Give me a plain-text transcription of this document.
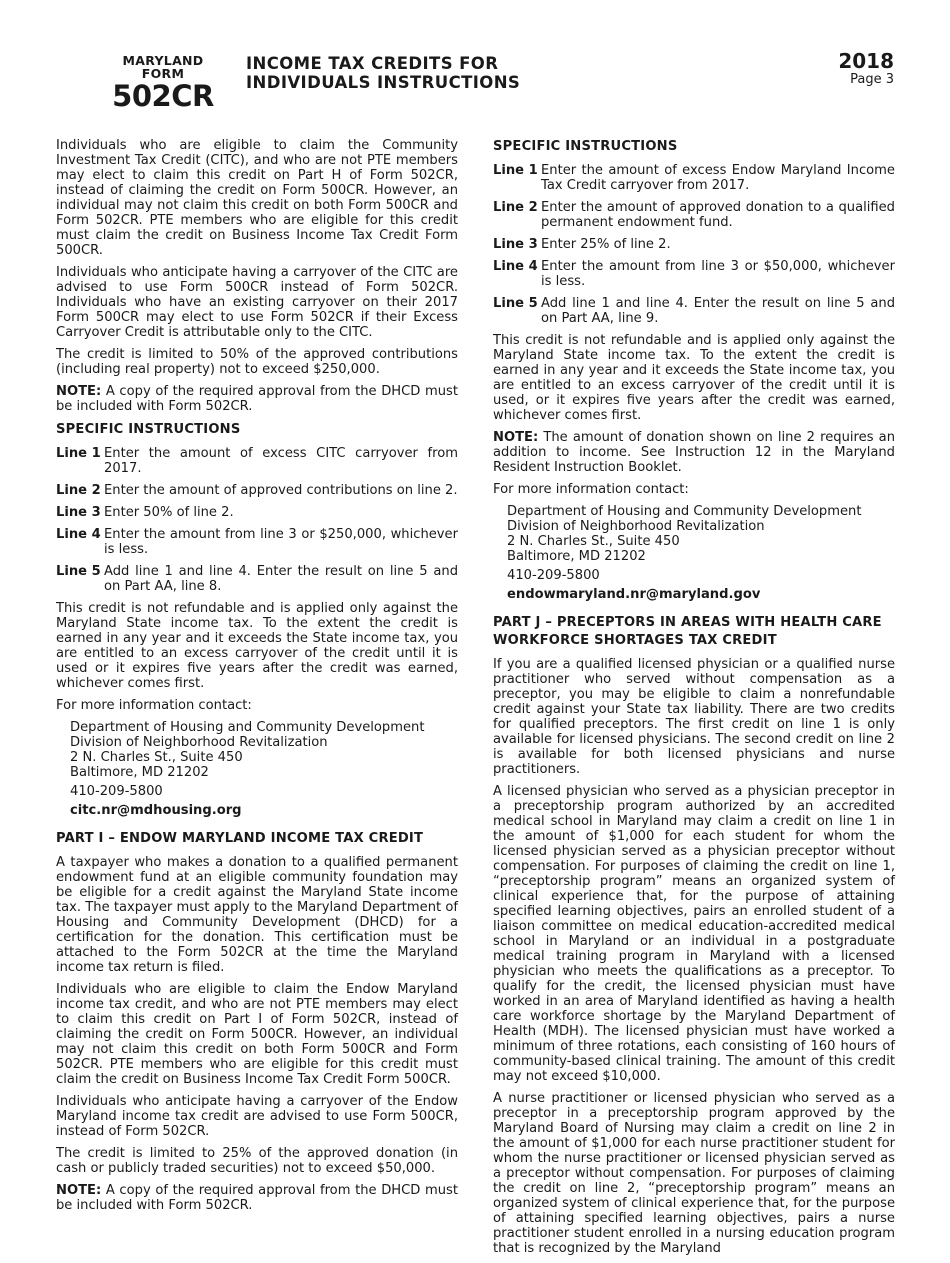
MARYLAND
FORM
502CR
INCOME TAX CREDITS FOR
INDIVIDUALS INSTRUCTIONS
2018
Page 3

Individuals who are eligible to claim the Community Investment Tax Credit (CITC), and who are not PTE members may elect to claim this credit on Part H of Form 502CR, instead of claiming the credit on Form 500CR. However, an individual may not claim this credit on both Form 500CR and Form 502CR. PTE members who are eligible for this credit must claim the credit on Business Income Tax Credit Form 500CR.

Individuals who anticipate having a carryover of the CITC are advised to use Form 500CR instead of Form 502CR. Individuals who have an existing carryover on their 2017 Form 500CR may elect to use Form 502CR if their Excess Carryover Credit is attributable only to the CITC.

The credit is limited to 50% of the approved contributions (including real property) not to exceed $250,000.

NOTE: A copy of the required approval from the DHCD must be included with Form 502CR.

SPECIFIC INSTRUCTIONS
Line 1 Enter the amount of excess CITC carryover from 2017.
Line 2 Enter the amount of approved contributions on line 2.
Line 3 Enter 50% of line 2.
Line 4 Enter the amount from line 3 or $250,000, whichever is less.
Line 5 Add line 1 and line 4. Enter the result on line 5 and on Part AA, line 8.

This credit is not refundable and is applied only against the Maryland State income tax. To the extent the credit is earned in any year and it exceeds the State income tax, you are entitled to an excess carryover of the credit until it is used or it expires five years after the credit was earned, whichever comes first.

For more information contact:

Department of Housing and Community Development
Division of Neighborhood Revitalization
2 N. Charles St., Suite 450
Baltimore, MD 21202
410-209-5800
citc.nr@mdhousing.org
PART I – ENDOW MARYLAND INCOME TAX CREDIT

A taxpayer who makes a donation to a qualified permanent endowment fund at an eligible community foundation may be eligible for a credit against the Maryland State income tax. The taxpayer must apply to the Maryland Department of Housing and Community Development (DHCD) for a certification for the donation. This certification must be attached to the Form 502CR at the time the Maryland income tax return is filed.

Individuals who are eligible to claim the Endow Maryland income tax credit, and who are not PTE members may elect to claim this credit on Part I of Form 502CR, instead of claiming the credit on Form 500CR. However, an individual may not claim this credit on both Form 500CR and Form 502CR. PTE members who are eligible for this credit must claim the credit on Business Income Tax Credit Form 500CR.

Individuals who anticipate having a carryover of the Endow Maryland income tax credit are advised to use Form 500CR, instead of Form 502CR.

The credit is limited to 25% of the approved donation (in cash or publicly traded securities) not to exceed $50,000.

NOTE: A copy of the required approval from the DHCD must be included with Form 502CR.

SPECIFIC INSTRUCTIONS
Line 1 Enter the amount of excess Endow Maryland Income Tax Credit carryover from 2017.
Line 2 Enter the amount of approved donation to a qualified permanent endowment fund.
Line 3 Enter 25% of line 2.
Line 4 Enter the amount from line 3 or $50,000, whichever is less.
Line 5 Add line 1 and line 4. Enter the result on line 5 and on Part AA, line 9.

This credit is not refundable and is applied only against the Maryland State income tax. To the extent the credit is earned in any year and it exceeds the State income tax, you are entitled to an excess carryover of the credit until it is used, or it expires five years after the credit was earned, whichever comes first.

NOTE: The amount of donation shown on line 2 requires an addition to income. See Instruction 12 in the Maryland Resident Instruction Booklet.

For more information contact:

Department of Housing and Community Development
Division of Neighborhood Revitalization
2 N. Charles St., Suite 450
Baltimore, MD 21202
410-209-5800
endowmaryland.nr@maryland.gov
PART J – PRECEPTORS IN AREAS WITH HEALTH CARE
WORKFORCE SHORTAGES TAX CREDIT

If you are a qualified licensed physician or a qualified nurse practitioner who served without compensation as a preceptor, you may be eligible to claim a nonrefundable credit against your State tax liability. There are two credits for qualified preceptors. The first credit on line 1 is only available for licensed physicians. The second credit on line 2 is available for both licensed physicians and nurse practitioners.

A licensed physician who served as a physician preceptor in a preceptorship program authorized by an accredited medical school in Maryland may claim a credit on line 1 in the amount of $1,000 for each student for whom the licensed physician served as a physician preceptor without compensation. For purposes of claiming the credit on line 1, “preceptorship program” means an organized system of clinical experience that, for the purpose of attaining specified learning objectives, pairs an enrolled student of a liaison committee on medical education-accredited medical school in Maryland or an individual in a postgraduate medical training program in Maryland with a licensed physician who meets the qualifications as a preceptor. To qualify for the credit, the licensed physician must have worked in an area of Maryland identified as having a health care workforce shortage by the Maryland Department of Health (MDH). The licensed physician must have worked a minimum of three rotations, each consisting of 160 hours of community-based clinical training. The amount of this credit may not exceed $10,000.

A nurse practitioner or licensed physician who served as a preceptor in a preceptorship program approved by the Maryland Board of Nursing may claim a credit on line 2 in the amount of $1,000 for each nurse practitioner student for whom the nurse practitioner or licensed physician served as a preceptor without compensation. For purposes of claiming the credit on line 2, “preceptorship program” means an organized system of clinical experience that, for the purpose of attaining specified learning objectives, pairs a nurse practitioner student enrolled in a nursing education program that is recognized by the Maryland
